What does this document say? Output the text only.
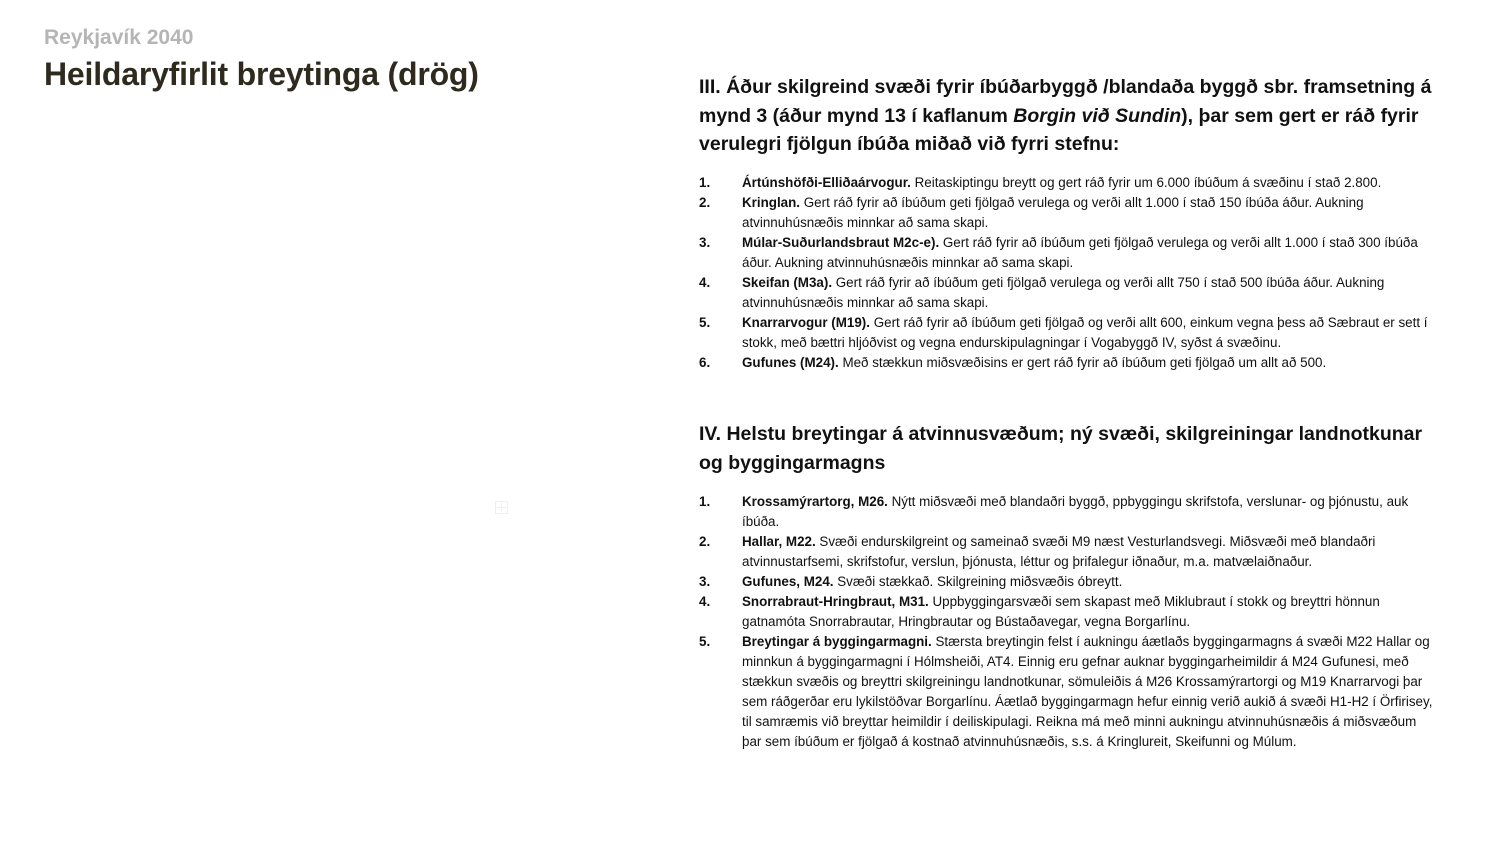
Reykjavík 2040

Heildaryfirlit breytinga (drög)	III. Áður skilgreind svæði fyrir íbúðarbyggð /blandaða byggð sbr. framsetning á mynd 3 (áður mynd 13 í kaflanum Borgin við Sundin), þar sem gert er ráð fyrir verulegri fjölgun íbúða miðað við fyrri stefnu:
1. Ártúnshöfði-Elliðaárvogur. Reitaskiptingu breytt og gert ráð fyrir um 6.000 íbúðum á svæðinu í stað 2.800.
2. Kringlan. Gert ráð fyrir að íbúðum geti fjölgað verulega og verði allt 1.000 í stað 150 íbúða áður. Aukning atvinnuhúsnæðis minnkar að sama skapi.
3. Múlar-Suðurlandsbraut M2c-e). Gert ráð fyrir að íbúðum geti fjölgað verulega og verði allt 1.000 í stað 300 íbúða áður. Aukning atvinnuhúsnæðis minnkar að sama skapi.
4. Skeifan (M3a). Gert ráð fyrir að íbúðum geti fjölgað verulega og verði allt 750 í stað 500 íbúða áður. Aukning atvinnuhúsnæðis minnkar að sama skapi.
5. Knarrarvogur (M19). Gert ráð fyrir að íbúðum geti fjölgað og verði allt 600, einkum vegna þess að Sæbraut er sett í stokk, með bættri hljóðvist og vegna endurskipulagningar í Vogabyggð IV, syðst á svæðinu.
6. Gufunes (M24). Með stækkun miðsvæðisins er gert ráð fyrir að íbúðum geti fjölgað um allt að 500.
IV. Helstu breytingar á atvinnusvæðum; ný svæði, skilgreiningar landnotkunar og byggingarmagns
1. Krossamýrartorg, M26. Nýtt miðsvæði með blandaðri byggð, ppbyggingu skrifstofa, verslunar- og þjónustu, auk íbúða.
2. Hallar, M22. Svæði endurskilgreint og sameinað svæði M9 næst Vesturlandsvegi. Miðsvæði með blandaðri atvinnustarfsemi, skrifstofur, verslun, þjónusta, léttur og þrifalegur iðnaður, m.a. matvælaiðnaður.
3. Gufunes, M24. Svæði stækkað. Skilgreining miðsvæðis óbreytt.
4. Snorrabraut-Hringbraut, M31. Uppbyggingarsvæði sem skapast með Miklubraut í stokk og breyttri hönnun gatnamóta Snorrabrautar, Hringbrautar og Bústaðavegar, vegna Borgarlínu.
5. Breytingar á byggingarmagni. Stærsta breytingin felst í aukningu áætlaðs byggingarmagns á svæði M22 Hallar og minnkun á byggingarmagni í Hólmsheiði, AT4. Einnig eru gefnar auknar byggingarheimildir á M24 Gufunesi, með stækkun svæðis og breyttri skilgreiningu landnotkunar, sömuleiðis á M26 Krossamýrartorgi og M19 Knarrarvogi þar sem ráðgerðar eru lykilstöðvar Borgarlínu. Áætlað byggingarmagn hefur einnig verið aukið á svæði H1-H2 í Örfirisey, til samræmis við breyttar heimildir í deiliskipulagi. Reikna má með minni aukningu atvinnuhúsnæðis á miðsvæðum þar sem íbúðum er fjölgað á kostnað atvinnuhúsnæðis, s.s. á Kringlureit, Skeifunni og Múlum.
